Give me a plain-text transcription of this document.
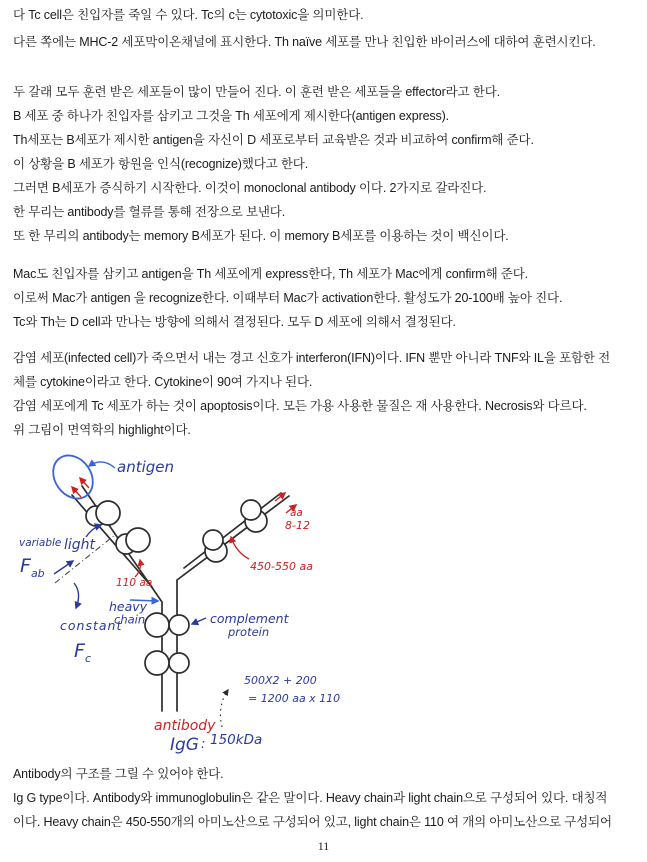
다 Tc cell은 친입자를 죽일 수 있다. Tc의 c는 cytotoxic을 의미한다.
다른 쪽에는 MHC-2 세포막이온채널에 표시한다. Th naïve 세포를 만나 친입한 바이러스에 대하여 훈련시킨다.
두 갈래 모두 훈련 받은 세포들이 많이 만들어 진다. 이 훈련 받은 세포들을 effector라고 한다.
B 세포 중 하나가 친입자를 삼키고 그것을 Th 세포에게 제시한다(antigen express).
Th세포는 B세포가 제시한 antigen을 자신이 D 세포로부터 교육받은 것과 비교하여 confirm해 준다.
이 상황을 B 세포가 항원을 인식(recognize)했다고 한다.
그러면 B세포가 증식하기 시작한다. 이것이 monoclonal antibody 이다. 2가지로 갈라진다.
한 무리는 antibody를 혈류를 통해 전장으로 보낸다.
또 한 무리의 antibody는 memory B세포가 된다. 이 memory B세포를 이용하는 것이 백신이다.
Mac도 친입자를 삼키고 antigen을 Th 세포에게 express한다, Th 세포가 Mac에게 confirm해 준다.
이로써 Mac가 antigen 을 recognize한다. 이때부터 Mac가 activation한다. 활성도가 20-100배 높아 진다.
Tc와 Th는 D cell과 만나는 방향에 의해서 결정된다. 모두 D 세포에 의해서 결정된다.
감염 세포(infected cell)가 죽으면서 내는 경고 신호가 interferon(IFN)이다. IFN 뿐만 아니라 TNF와 IL을 포함한 전
체를 cytokine이라고 한다. Cytokine이 90여 가지나 된다.
감염 세포에게 Tc 세포가 하는 것이 apoptosis이다. 모든 가용 사용한 물질은 재 사용한다. Necrosis와 다르다.
위 그림이 면역학의 highlight이다.
Antibody의 구조를 그릴 수 있어야 한다.
Ig G type이다. Antibody와 immunoglobulin은 같은 말이다. Heavy chain과 light chain으로 구성되어 있다. 대칭적
이다. Heavy chain은 450-550개의 아미노산으로 구성되어 있고, light chain은 110 여 개의 아미노산으로 구성되어
antigen
light
variable
$F_{ab}$
constant
$F_c$
heavy chain	complement protein
500X2 + 200
= 1200 aa x 110
IgG : 150kDa
110 aa
450-550 aa
aa
8-12
antibody
11
